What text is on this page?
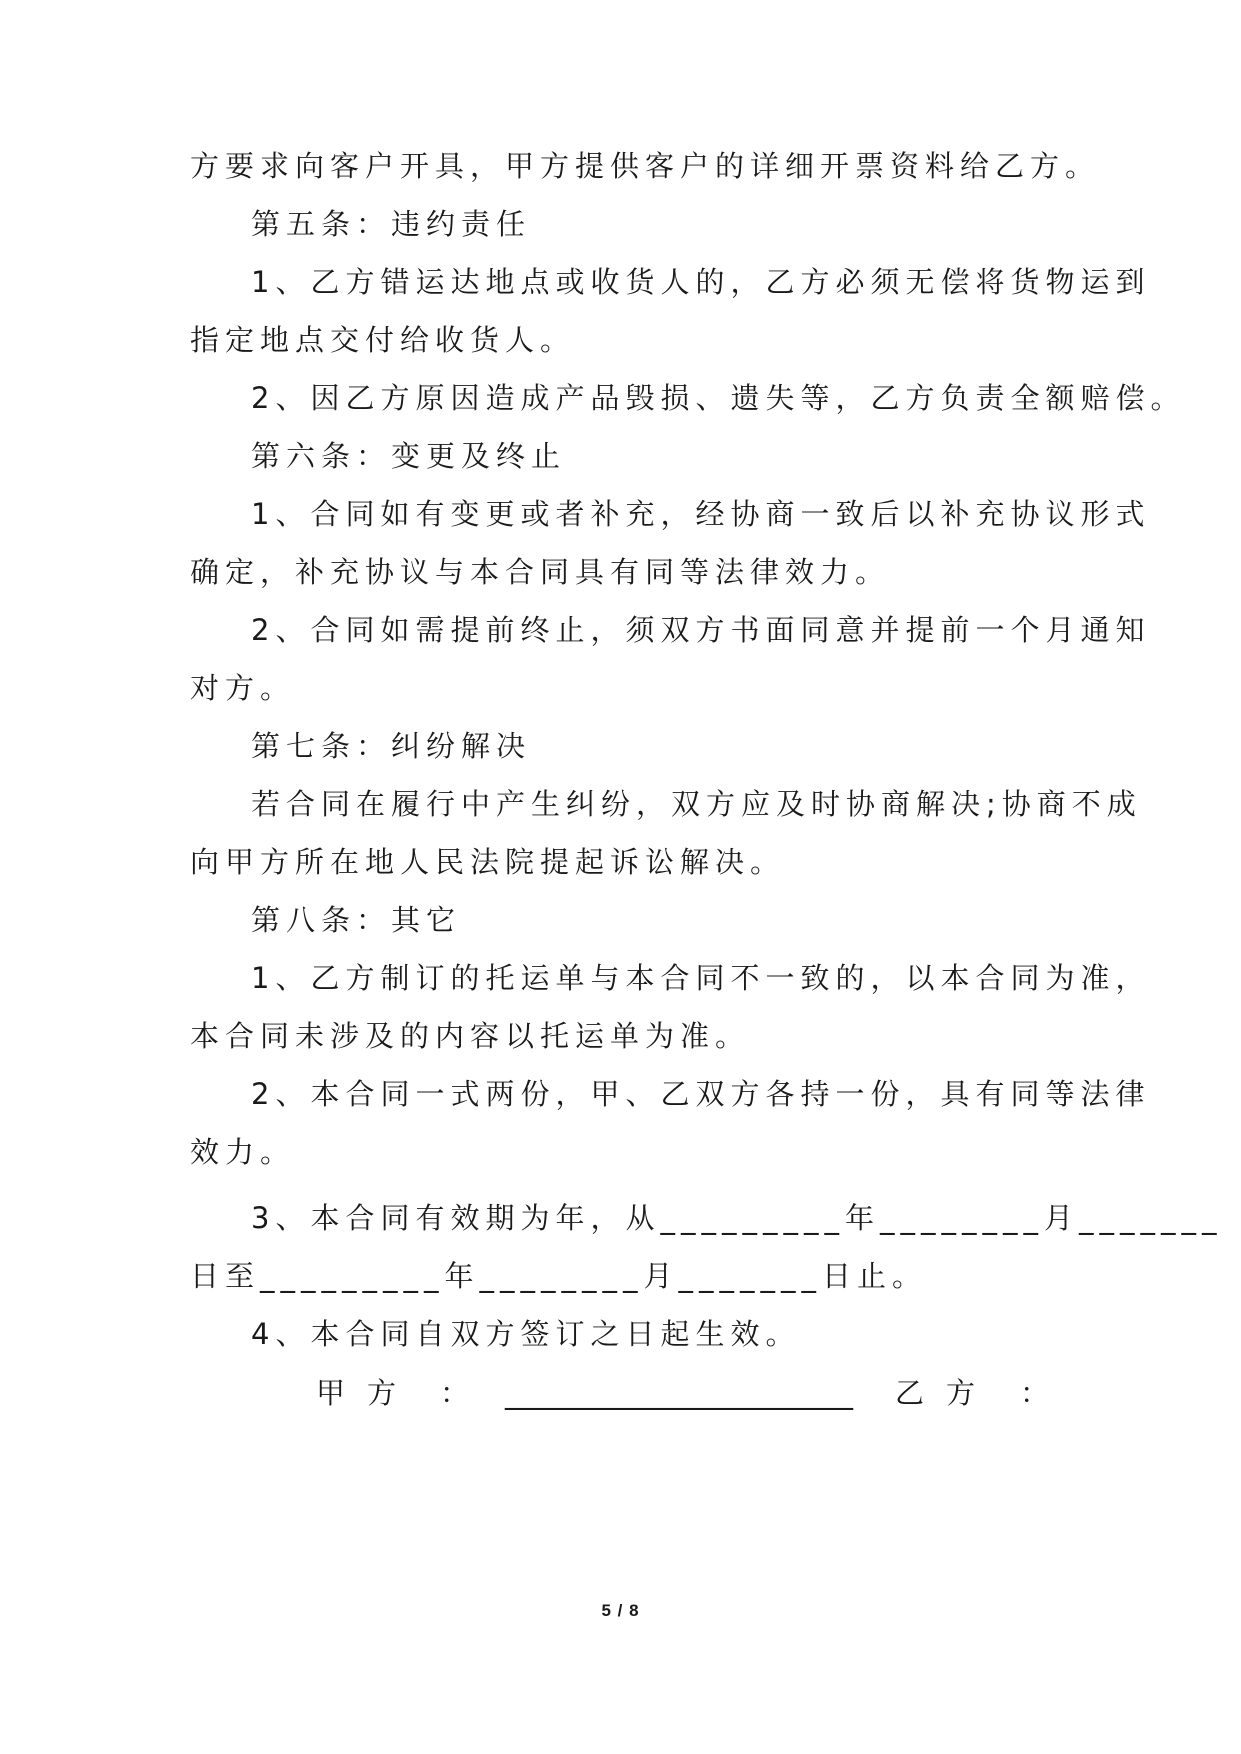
方要求向客户开具，甲方提供客户的详细开票资料给乙方。
第五条：违约责任
1、乙方错运达地点或收货人的，乙方必须无偿将货物运到
指定地点交付给收货人。
2、因乙方原因造成产品毁损、遗失等，乙方负责全额赔偿。
第六条：变更及终止
1、合同如有变更或者补充，经协商一致后以补充协议形式
确定，补充协议与本合同具有同等法律效力。
2、合同如需提前终止，须双方书面同意并提前一个月通知
对方。
第七条：纠纷解决
若合同在履行中产生纠纷，双方应及时协商解决;协商不成
向甲方所在地人民法院提起诉讼解决。
第八条：其它
1、乙方制订的托运单与本合同不一致的，以本合同为准，
本合同未涉及的内容以托运单为准。
2、本合同一式两份，甲、乙双方各持一份，具有同等法律
效力。
3、本合同有效期为年，从_________年________月_______
日至_________年________月_______日止。
4、本合同自双方签订之日起生效。
甲方 ： ________________________ 乙方 ：
5 / 8
